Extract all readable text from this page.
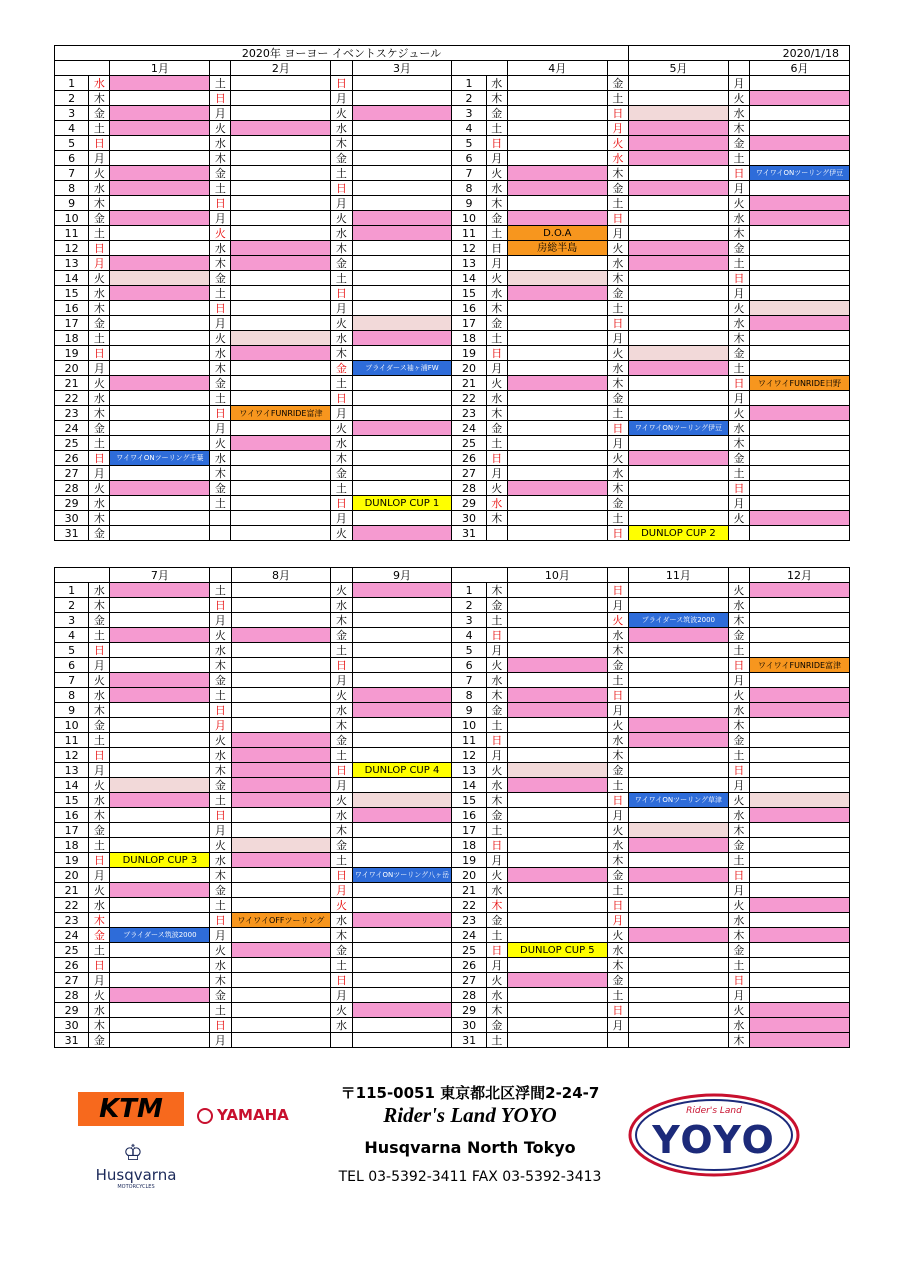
2020年 ヨーヨー イベントスケジュール											2020/1/18		
		1月		2月		3月			4月		5月		6月
1	水		土		日		1	水		金		月	
2	木		日		月		2	木		土		火	
3	金		月		火		3	金		日		水	
4	土		火		水		4	土		月		木	
5	日		水		木		5	日		火		金	
6	月		木		金		6	月		水		土	
7	火		金		土		7	火		木		日	ワイワイONツーリング伊豆
8	水		土		日		8	水		金		月	
9	木		日		月		9	木		土		火	
10	金		月		火		10	金		日		水	
11	土		火		水		11	土	D.O.A	月		木	
12	日		水		木		12	日	房総半島	火		金	
13	月		木		金		13	月		水		土	
14	火		金		土		14	火		木		日	
15	水		土		日		15	水		金		月	
16	木		日		月		16	木		土		火	
17	金		月		火		17	金		日		水	
18	土		火		水		18	土		月		木	
19	日		水		木		19	日		火		金	
20	月		木		金	ブライダース袖ヶ浦FW	20	月		水		土	
21	火		金		土		21	火		木		日	ワイワイFUNRIDE日野
22	水		土		日		22	水		金		月	
23	木		日	ワイワイFUNRIDE富津	月		23	木		土		火	
24	金		月		火		24	金		日	ワイワイONツーリング伊豆	水	
25	土		火		水		25	土		月		木	
26	日	ワイワイONツーリング千葉	水		木		26	日		火		金	
27	月		木		金		27	月		水		土	
28	火		金		土		28	火		木		日	
29	水		土		日	DUNLOP CUP 1	29	水		金		月	
30	木				月		30	木		土		火	
31	金				火		31			日	DUNLOP CUP 2		
		7月		8月		9月			10月		11月		12月
1	水		土		火		1	木		日		火	
2	木		日		水		2	金		月		水	
3	金		月		木		3	土		火	ブライダース筑波2000	木	
4	土		火		金		4	日		水		金	
5	日		水		土		5	月		木		土	
6	月		木		日		6	火		金		日	ワイワイFUNRIDE富津
7	火		金		月		7	水		土		月	
8	水		土		火		8	木		日		火	
9	木		日		水		9	金		月		水	
10	金		月		木		10	土		火		木	
11	土		火		金		11	日		水		金	
12	日		水		土		12	月		木		土	
13	月		木		日	DUNLOP CUP 4	13	火		金		日	
14	火		金		月		14	水		土		月	
15	水		土		火		15	木		日	ワイワイONツーリング草津	火	
16	木		日		水		16	金		月		水	
17	金		月		木		17	土		火		木	
18	土		火		金		18	日		水		金	
19	日	DUNLOP CUP 3	水		土		19	月		木		土	
20	月		木		日	ワイワイONツーリング八ヶ岳	20	火		金		日	
21	火		金		月		21	水		土		月	
22	水		土		火		22	木		日		火	
23	木		日	ワイワイOFFツーリング	水		23	金		月		水	
24	金	ブライダース筑波2000	月		木		24	土		火		木	
25	土		火		金		25	日	DUNLOP CUP 5	水		金	
26	日		水		土		26	月		木		土	
27	月		木		日		27	火		金		日	
28	火		金		月		28	水		土		月	
29	水		土		火		29	木		日		火	
30	木		日		水		30	金		月		水	
31	金		月				31	土				木	
KTM	YAMAHA
♔
Husqvarna
MOTORCYCLES
〒115-0051 東京都北区浮間2-24-7
Rider's Land YOYO
Husqvarna North Tokyo
TEL 03-5392-3411 FAX 03-5392-3413
Rider's Land
YOYO
